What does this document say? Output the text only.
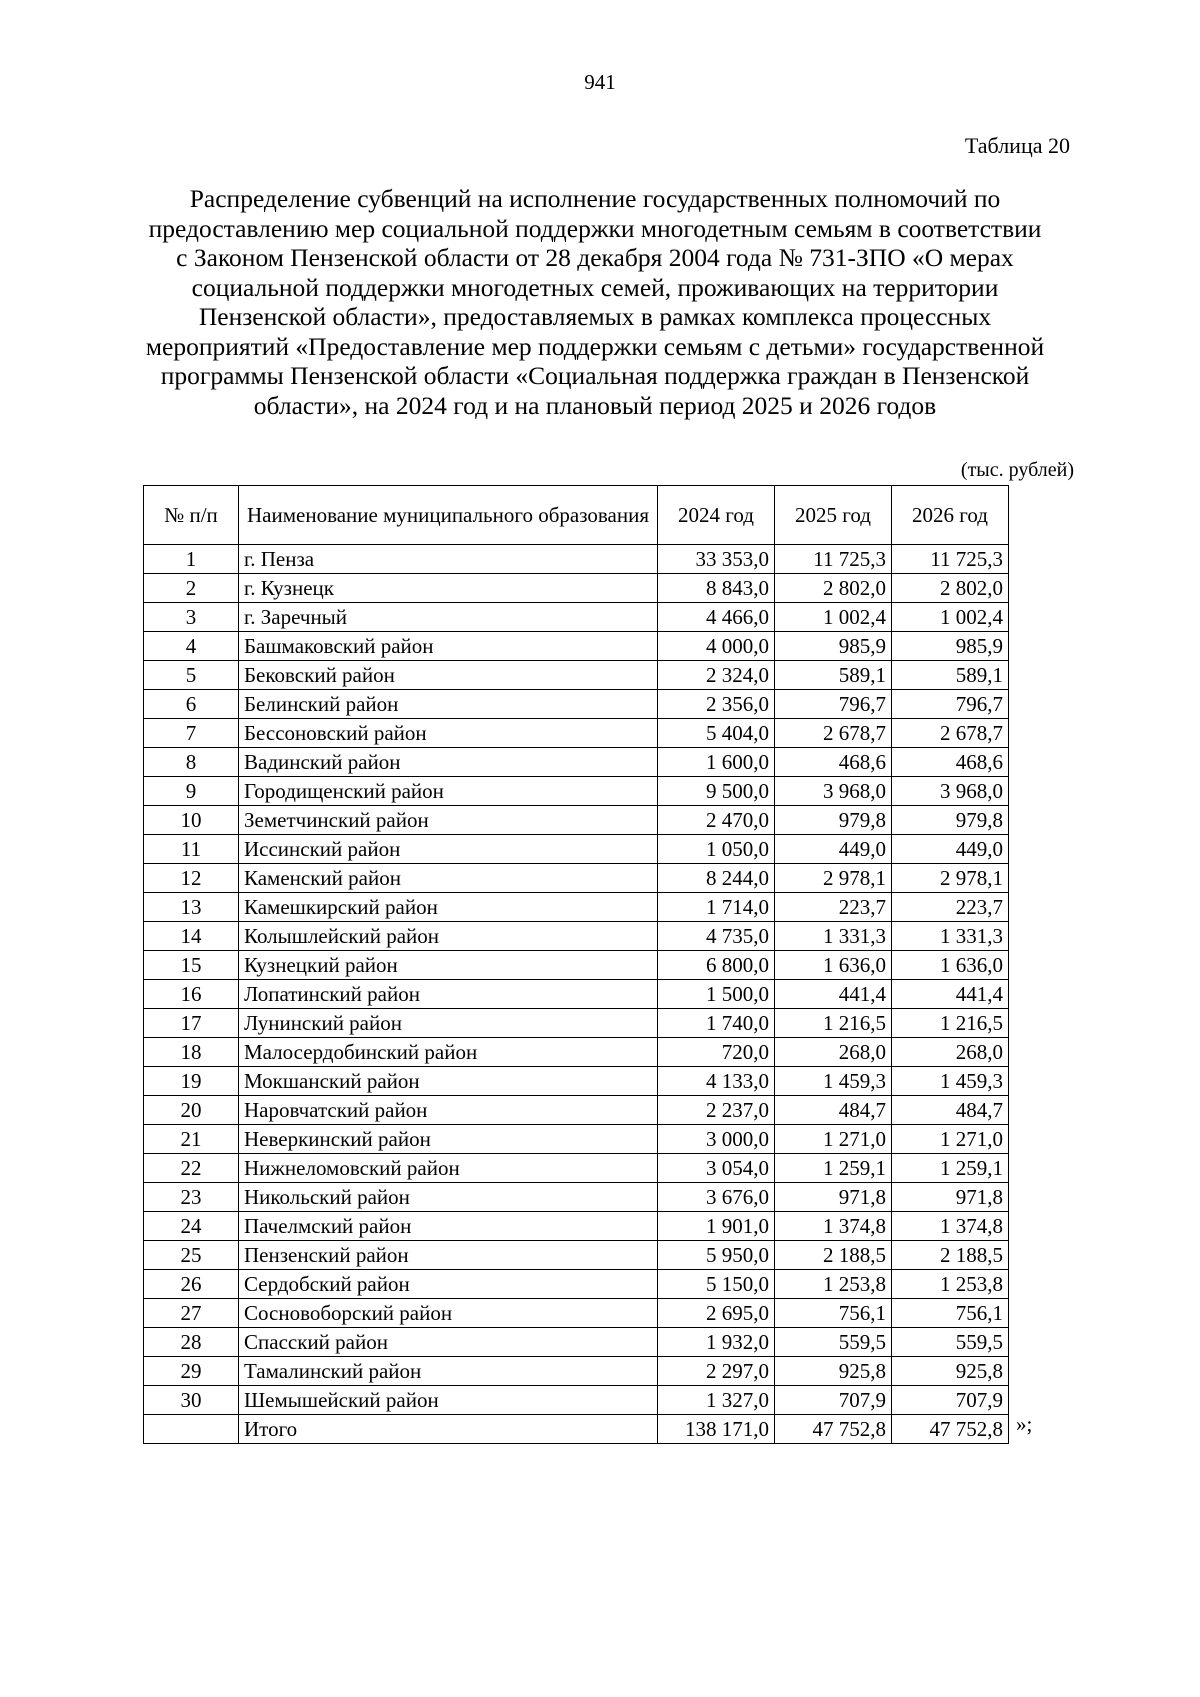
941
Таблица 20
Распределение субвенций на исполнение государственных полномочий по предоставлению мер социальной поддержки многодетным семьям в соответствии с Законом Пензенской области от 28 декабря 2004 года № 731-ЗПО «О мерах социальной поддержки многодетных семей, проживающих на территории Пензенской области», предоставляемых в рамках комплекса процессных мероприятий «Предоставление мер поддержки семьям с детьми» государственной программы Пензенской области «Социальная поддержка граждан в Пензенской области», на 2024 год и на плановый период 2025 и 2026 годов
(тыс. рублей)
№ п/п	Наименование муниципального образования	2024 год	2025 год	2026 год
1	г. Пенза	33 353,0	11 725,3	11 725,3
2	г. Кузнецк	8 843,0	2 802,0	2 802,0
3	г. Заречный	4 466,0	1 002,4	1 002,4
4	Башмаковский район	4 000,0	985,9	985,9
5	Бековский район	2 324,0	589,1	589,1
6	Белинский район	2 356,0	796,7	796,7
7	Бессоновский район	5 404,0	2 678,7	2 678,7
8	Вадинский район	1 600,0	468,6	468,6
9	Городищенский район	9 500,0	3 968,0	3 968,0
10	Земетчинский район	2 470,0	979,8	979,8
11	Иссинский район	1 050,0	449,0	449,0
12	Каменский район	8 244,0	2 978,1	2 978,1
13	Камешкирский район	1 714,0	223,7	223,7
14	Колышлейский район	4 735,0	1 331,3	1 331,3
15	Кузнецкий район	6 800,0	1 636,0	1 636,0
16	Лопатинский район	1 500,0	441,4	441,4
17	Лунинский район	1 740,0	1 216,5	1 216,5
18	Малосердобинский район	720,0	268,0	268,0
19	Мокшанский район	4 133,0	1 459,3	1 459,3
20	Наровчатский район	2 237,0	484,7	484,7
21	Неверкинский район	3 000,0	1 271,0	1 271,0
22	Нижнеломовский район	3 054,0	1 259,1	1 259,1
23	Никольский район	3 676,0	971,8	971,8
24	Пачелмский район	1 901,0	1 374,8	1 374,8
25	Пензенский район	5 950,0	2 188,5	2 188,5
26	Сердобский район	5 150,0	1 253,8	1 253,8
27	Сосновоборский район	2 695,0	756,1	756,1
28	Спасский район	1 932,0	559,5	559,5
29	Тамалинский район	2 297,0	925,8	925,8
30	Шемышейский район	1 327,0	707,9	707,9
	Итого	138 171,0	47 752,8	47 752,8 »;
